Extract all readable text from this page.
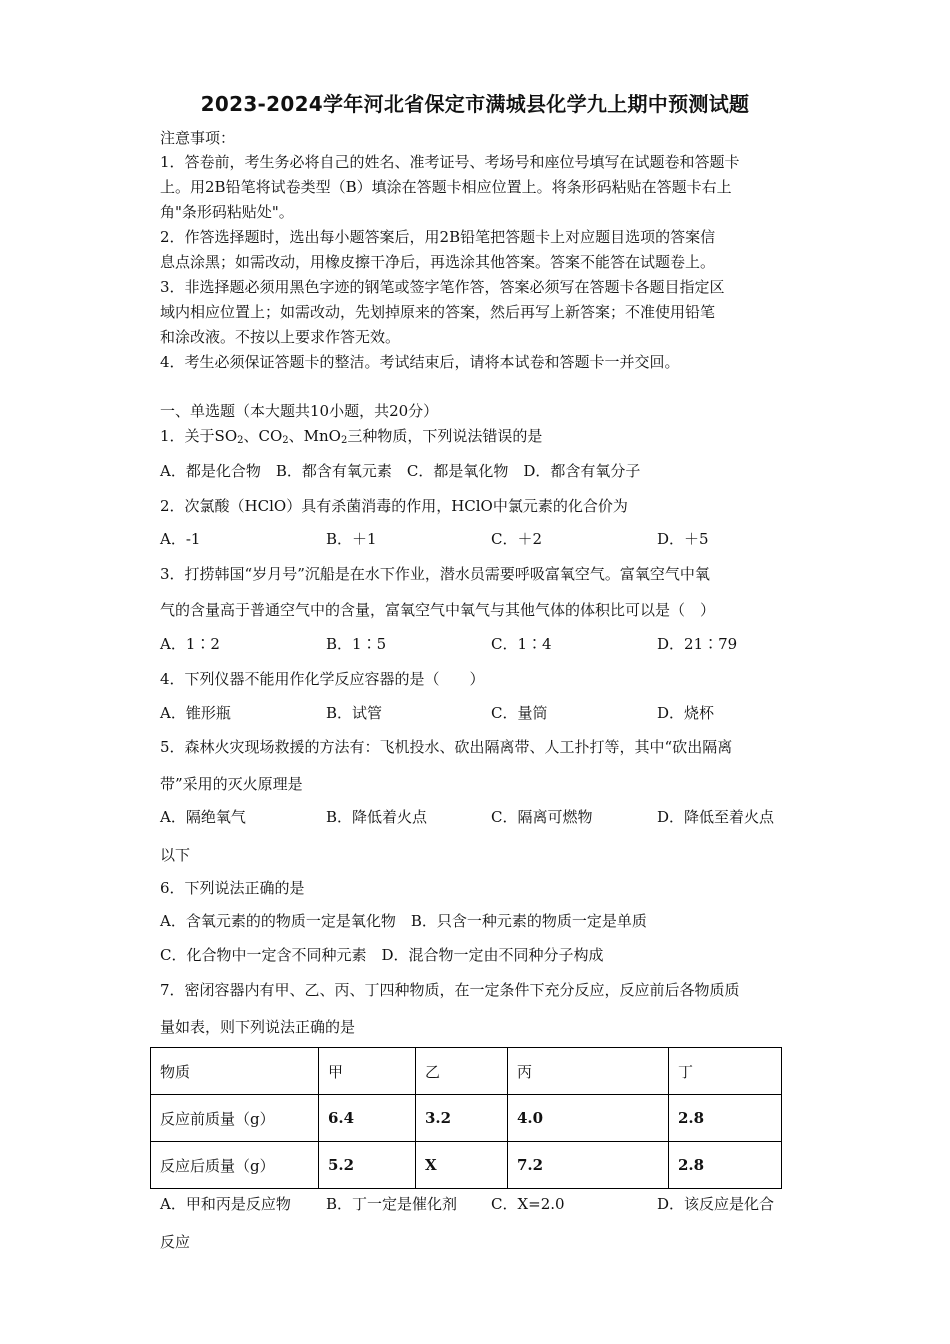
2023-2024学年河北省保定市满城县化学九上期中预测试题
注意事项：
1．答卷前，考生务必将自己的姓名、准考证号、考场号和座位号填写在试题卷和答题卡
上。用2B铅笔将试卷类型（B）填涂在答题卡相应位置上。将条形码粘贴在答题卡右上
角"条形码粘贴处"。
2．作答选择题时，选出每小题答案后，用2B铅笔把答题卡上对应题目选项的答案信
息点涂黑；如需改动，用橡皮擦干净后，再选涂其他答案。答案不能答在试题卷上。
3．非选择题必须用黑色字迹的钢笔或签字笔作答，答案必须写在答题卡各题目指定区
域内相应位置上；如需改动，先划掉原来的答案，然后再写上新答案；不准使用铅笔
和涂改液。不按以上要求作答无效。
4．考生必须保证答题卡的整洁。考试结束后，请将本试卷和答题卡一并交回。
一、单选题（本大题共10小题，共20分）
1．关于$SO_2$、$CO_2$、MnO$_2$三种物质，下列说法错误的是
A．都是化合物　B．都含有氧元素　C．都是氧化物　D．都含有氧分子
2．次氯酸（HClO）具有杀菌消毒的作用，HClO中氯元素的化合价为
A．-1	B．＋1	C．＋2	D．＋5
3．打捞韩国“岁月号”沉船是在水下作业，潜水员需要呼吸富氧空气。富氧空气中氧
气的含量高于普通空气中的含量，富氧空气中氧气与其他气体的体积比可以是（　）
A．1∶2	B．1∶5	C．1∶4	D．21∶79
4．下列仪器不能用作化学反应容器的是（　　）
A．锥形瓶	B．试管	C．量筒	D．烧杯
5．森林火灾现场救援的方法有：飞机投水、砍出隔离带、人工扑打等，其中“砍出隔离
带”采用的灭火原理是
A．隔绝氧气	B．降低着火点	C．隔离可燃物	D．降低至着火点
以下
6．下列说法正确的是
A．含氧元素的的物质一定是氧化物　B．只含一种元素的物质一定是单质
C．化合物中一定含不同种元素　D．混合物一定由不同种分子构成
7．密闭容器内有甲、乙、丙、丁四种物质，在一定条件下充分反应，反应前后各物质质
量如表，则下列说法正确的是
物质	甲	乙	丙	丁
反应前质量（g）	6.4	3.2	4.0	2.8
反应后质量（g）	5.2	X	7.2	2.8
A．甲和丙是反应物 B．丁一定是催化剂 C．X=2.0	D．该反应是化合
反应
